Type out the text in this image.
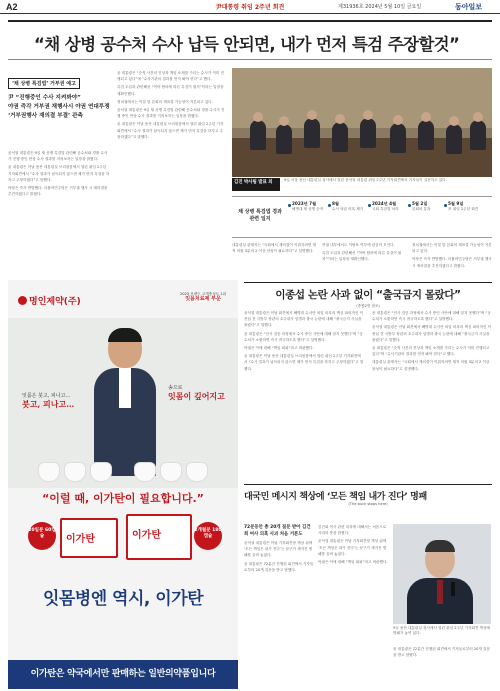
A2	尹대통령 취임 2주년 회견	제31936호 2024년 5월 10일 금요일	동아일보
“채 상병 공수처 수사 납득 안되면, 내가 먼저 특검 주장할것”
‘채 상병 특검법’ 거부권 예고
尹 “진행중인 수사 지켜봐야”
야권 즉각 거부권 재행사시 야권 연대투쟁
‘거부권행사 재의결 부결’ 관측

윤석열 대통령은 9일 채 상병 특검법 관련해 공수처와 경찰 수사가 진행 중인 만큼 수사 결과를 지켜보자는 입장을 밝혔다.

윤 대통령은 이날 용산 대통령실 브리핑룸에서 열린 취임 2주년 기자회견에서 “수사 결과가 납득되지 않으면 제가 먼저 특검을 하자고 주장하겠다”고 말했다.

야당은 즉각 반발했다. 더불어민주당은 거부권 행사 시 재의결을 추진하겠다고 밝혔다.

윤 대통령은 “순직 사건의 진상과 책임 소재를 가리는 수사가 이미 진행되고 있다”며 “수사기관의 결과를 먼저 봐야 한다”고 했다.

특검 도입과 관련해선 “여야 합의에 따른 특검이 원칙”이라는 입장을 재확인했다.

정치권에서는 이달 말 본회의 재표결 가능성이 거론되고 있다.

윤석열 대통령은 9일 채 상병 특검법 관련해 공수처와 경찰 수사가 진행 중인 만큼 수사 결과를 지켜보자는 입장을 밝혔다.

윤 대통령은 이날 용산 대통령실 브리핑룸에서 열린 취임 2주년 기자회견에서 “수사 결과가 납득되지 않으면 제가 먼저 특검을 하자고 주장하겠다”고 말했다.

김진 박사팀 발표 외	9일 서울 용산 대통령실 청사에서 열린 윤석열 대통령 취임 2주년 기자회견에서 기자들이 질문하고 있다.
채 상병 특검법 경과 관련 일지
2023년 7월
해병대 채 상병 순직
8월
수사 외압 의혹 제기
2024년 4월
국회 특검법 처리
5월 2일
본회의 통과
5월 9일
尹 취임 2주년 회견

대통령실 관계자는 “국회에서 재의결이 이뤄지려면 재적 의원 3분의 2 이상 찬성이 필요하다”고 설명했다.

여권 내부에서도 이탈표 여부에 관심이 모인다.

특검 도입과 관련해선 “여야 합의에 따른 특검이 원칙”이라는 입장을 재확인했다.

정치권에서는 이달 말 본회의 재표결 가능성이 거론되고 있다.

야당은 즉각 반발했다. 더불어민주당은 거부권 행사 시 재의결을 추진하겠다고 밝혔다.

명인제약(주)
2023 브랜드 고객충성도 1위
잇몸치료제 부문
잇몸은 붓고, 피나고…
붓고, 피나고…
송으로
잇몸이 깊어지고
“이럴 때, 이가탄이 필요합니다.”
20일분 60캡슐	이가탄	이가탄	2개월분 180캡슐
잇몸병엔 역시, 이가탄
이가탄은 약국에서만 판매하는 일반의약품입니다
이종섭 논란 사과 없이 “출국금지 몰랐다”
(종합2면 참조)

윤석열 대통령은 이날 회견에서 해병대 수사단 외압 의혹의 핵심 피의자인 이종섭 전 국방부 장관의 호주대사 임명과 출국 논란에 대해 “출국금지 사실을 몰랐다”고 말했다.

윤 대통령은 “인사 검증 과정에서 수사 중인 사안에 대해 알지 못했다”며 “공수처가 소환하면 즉시 귀국하도록 했다”고 설명했다.

야권은 이에 대해 “책임 회피”라고 비판했다.

윤 대통령은 이날 용산 대통령실 브리핑룸에서 열린 취임 2주년 기자회견에서 “수사 결과가 납득되지 않으면 제가 먼저 특검을 하자고 주장하겠다”고 말했다.

윤 대통령은 “인사 검증 과정에서 수사 중인 사안에 대해 알지 못했다”며 “공수처가 소환하면 즉시 귀국하도록 했다”고 설명했다.

윤석열 대통령은 이날 회견에서 해병대 수사단 외압 의혹의 핵심 피의자인 이종섭 전 국방부 장관의 호주대사 임명과 출국 논란에 대해 “출국금지 사실을 몰랐다”고 말했다.

윤 대통령은 “순직 사건의 진상과 책임 소재를 가리는 수사가 이미 진행되고 있다”며 “수사기관의 결과를 먼저 봐야 한다”고 했다.

대통령실 관계자는 “국회에서 재의결이 이뤄지려면 재적 의원 3분의 2 이상 찬성이 필요하다”고 설명했다.

대국민 메시지 책상에 ‘모든 책임 내가 진다’ 명패
(The buck stops here)

72분동안 총 20개 질문 받아 김건희 여사 의혹 사과 처음 거론도

윤석열 대통령은 이날 기자회견장 책상 위에 ‘모든 책임은 내가 진다’는 문구가 새겨진 명패를 올려 놓았다.

윤 대통령은 72분간 진행된 회견에서 기자들로부터 20개 질문을 받고 답했다.

김건희 여사 관련 의혹에 대해서는 처음으로 사과의 뜻을 밝혔다.

윤석열 대통령은 이날 기자회견장 책상 위에 ‘모든 책임은 내가 진다’는 문구가 새겨진 명패를 올려 놓았다.

야권은 이에 대해 “책임 회피”라고 비판했다.

9일 용산 대통령실 청사에서 열린 취임 2주년 기자회견 책상에 명패가 놓여 있다.

윤 대통령은 72분간 진행된 회견에서 기자들로부터 20개 질문을 받고 답했다.
